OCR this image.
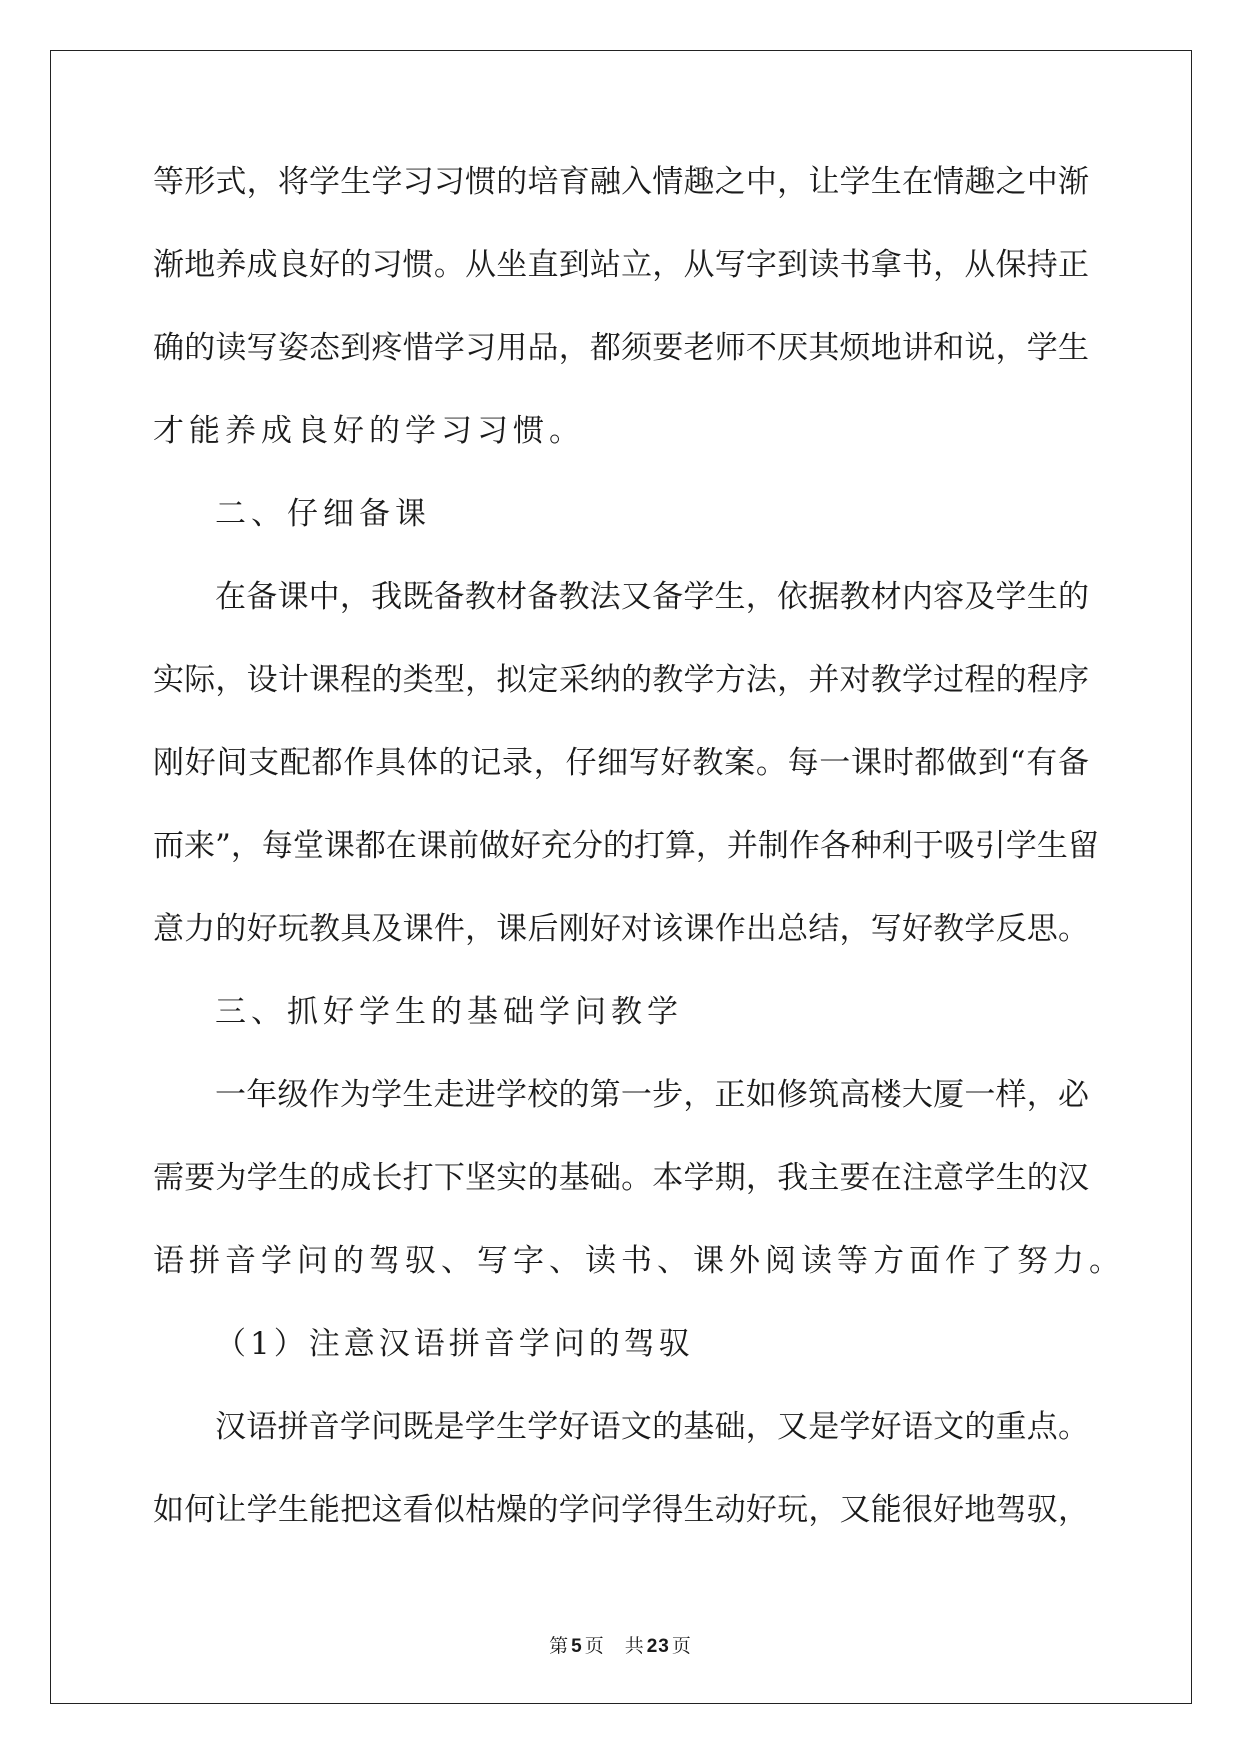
等形式，将学生学习习惯的培育融入情趣之中，让学生在情趣之中渐
渐地养成良好的习惯。从坐直到站立，从写字到读书拿书，从保持正
确的读写姿态到疼惜学习用品，都须要老师不厌其烦地讲和说，学生
才能养成良好的学习习惯。
二、仔细备课
在备课中，我既备教材备教法又备学生，依据教材内容及学生的
实际，设计课程的类型，拟定采纳的教学方法，并对教学过程的程序
刚好间支配都作具体的记录，仔细写好教案。每一课时都做到“有备
而来”，每堂课都在课前做好充分的打算，并制作各种利于吸引学生留
意力的好玩教具及课件，课后刚好对该课作出总结，写好教学反思。
三、抓好学生的基础学问教学
一年级作为学生走进学校的第一步，正如修筑高楼大厦一样，必
需要为学生的成长打下坚实的基础。本学期，我主要在注意学生的汉
语拼音学问的驾驭、写字、读书、课外阅读等方面作了努力。
（1）注意汉语拼音学问的驾驭
汉语拼音学问既是学生学好语文的基础，又是学好语文的重点。
如何让学生能把这看似枯燥的学问学得生动好玩，又能很好地驾驭，
第 5 页 共 23 页
